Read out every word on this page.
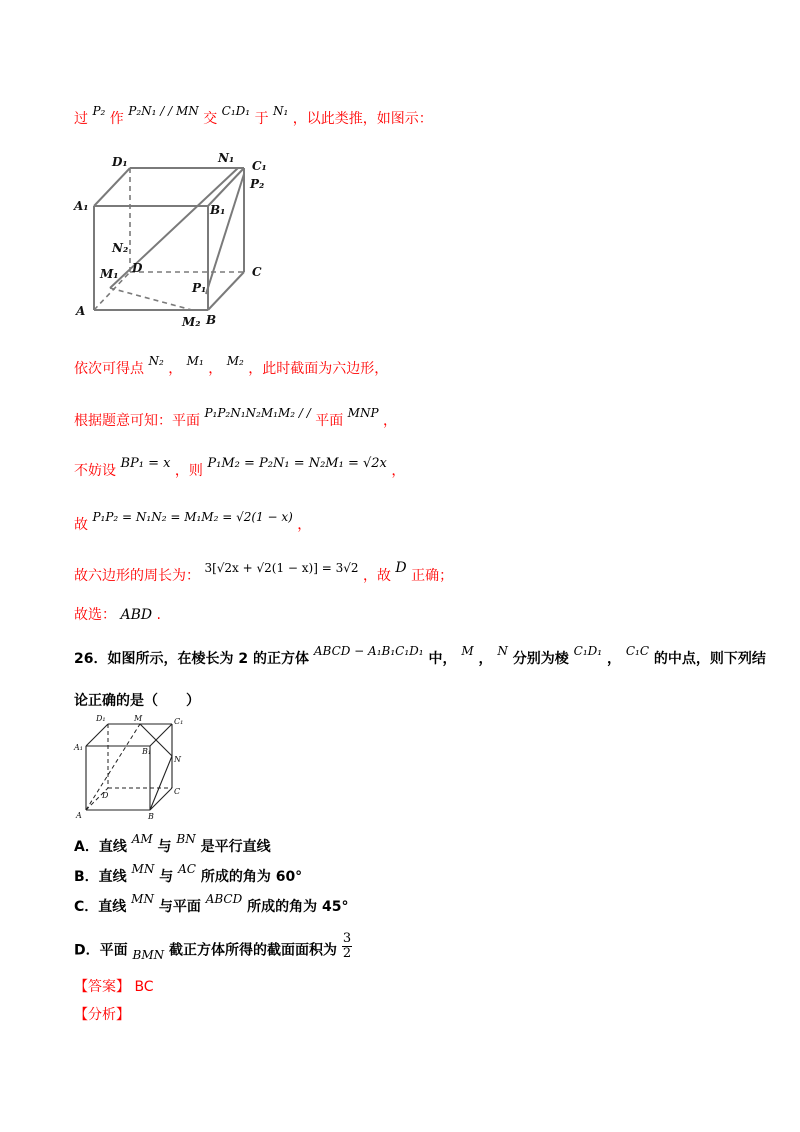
过 P₂ 作 P₂N₁ / / MN 交 C₁D₁ 于 N₁ ，以此类推，如图示：
D₁	N₁
C₁
P₂
A₁	B₁
N₂
D
M₁	C
P₁
A
M₂ B
依次可得点 N₂ ， M₁ ， M₂ ，此时截面为六边形，
根据题意可知：平面 P₁P₂N₁N₂M₁M₂ / / 平面 MNP ，
不妨设 BP₁ = x ，则 P₁M₂ = P₂N₁ = N₂M₁ = √2x ，
故 P₁P₂ = N₁N₂ = M₁M₂ = √2(1 − x) ，
故六边形的周长为： 3[√2x + √2(1 − x)] = 3√2 ，故 D 正确；
故选： ABD .
26．如图所示，在棱长为 2 的正方体 ABCD − A₁B₁C₁D₁ 中， M ， N 分别为棱 C₁D₁ ， C₁C 的中点，则下列结
论正确的是（　　）
D₁	M	C₁
A₁	B₁
N
D	C
A	B
A．直线 AM 与 BN 是平行直线
B．直线 MN 与 AC 所成的角为 60°
C．直线 MN 与平面 ABCD 所成的角为 45°
D．平面 BMN 截正方体所得的截面面积为 $\frac{3}{2}$
【答案】 BC
【分析】
